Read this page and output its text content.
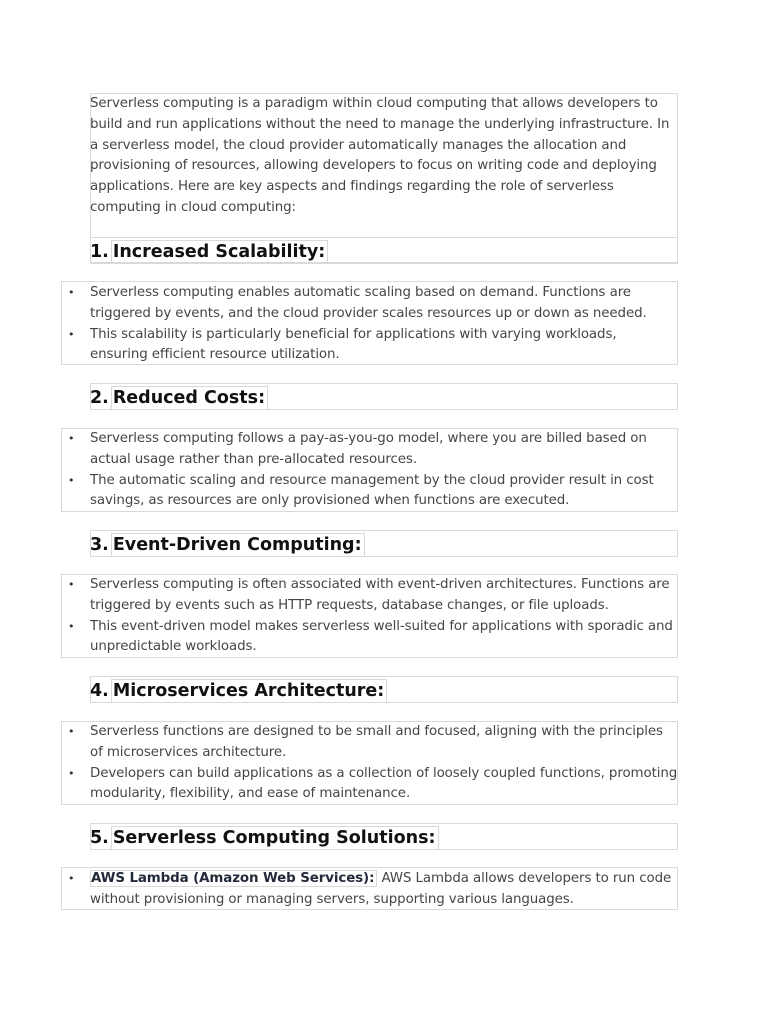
Serverless computing is a paradigm within cloud computing that allows developers to build and run applications without the need to manage the underlying infrastructure. In a serverless model, the cloud provider automatically manages the allocation and provisioning of resources, allowing developers to focus on writing code and deploying applications. Here are key aspects and findings regarding the role of serverless computing in cloud computing:
1. Increased Scalability:
• Serverless computing enables automatic scaling based on demand. Functions are triggered by events, and the cloud provider scales resources up or down as needed.
• This scalability is particularly beneficial for applications with varying workloads, ensuring efficient resource utilization.
2. Reduced Costs:
• Serverless computing follows a pay-as-you-go model, where you are billed based on actual usage rather than pre-allocated resources.
• The automatic scaling and resource management by the cloud provider result in cost savings, as resources are only provisioned when functions are executed.
3. Event-Driven Computing:
• Serverless computing is often associated with event-driven architectures. Functions are triggered by events such as HTTP requests, database changes, or file uploads.
• This event-driven model makes serverless well-suited for applications with sporadic and unpredictable workloads.
4. Microservices Architecture:
• Serverless functions are designed to be small and focused, aligning with the principles of microservices architecture.
• Developers can build applications as a collection of loosely coupled functions, promoting modularity, flexibility, and ease of maintenance.
5. Serverless Computing Solutions:
• AWS Lambda (Amazon Web Services): AWS Lambda allows developers to run code without provisioning or managing servers, supporting various languages.
